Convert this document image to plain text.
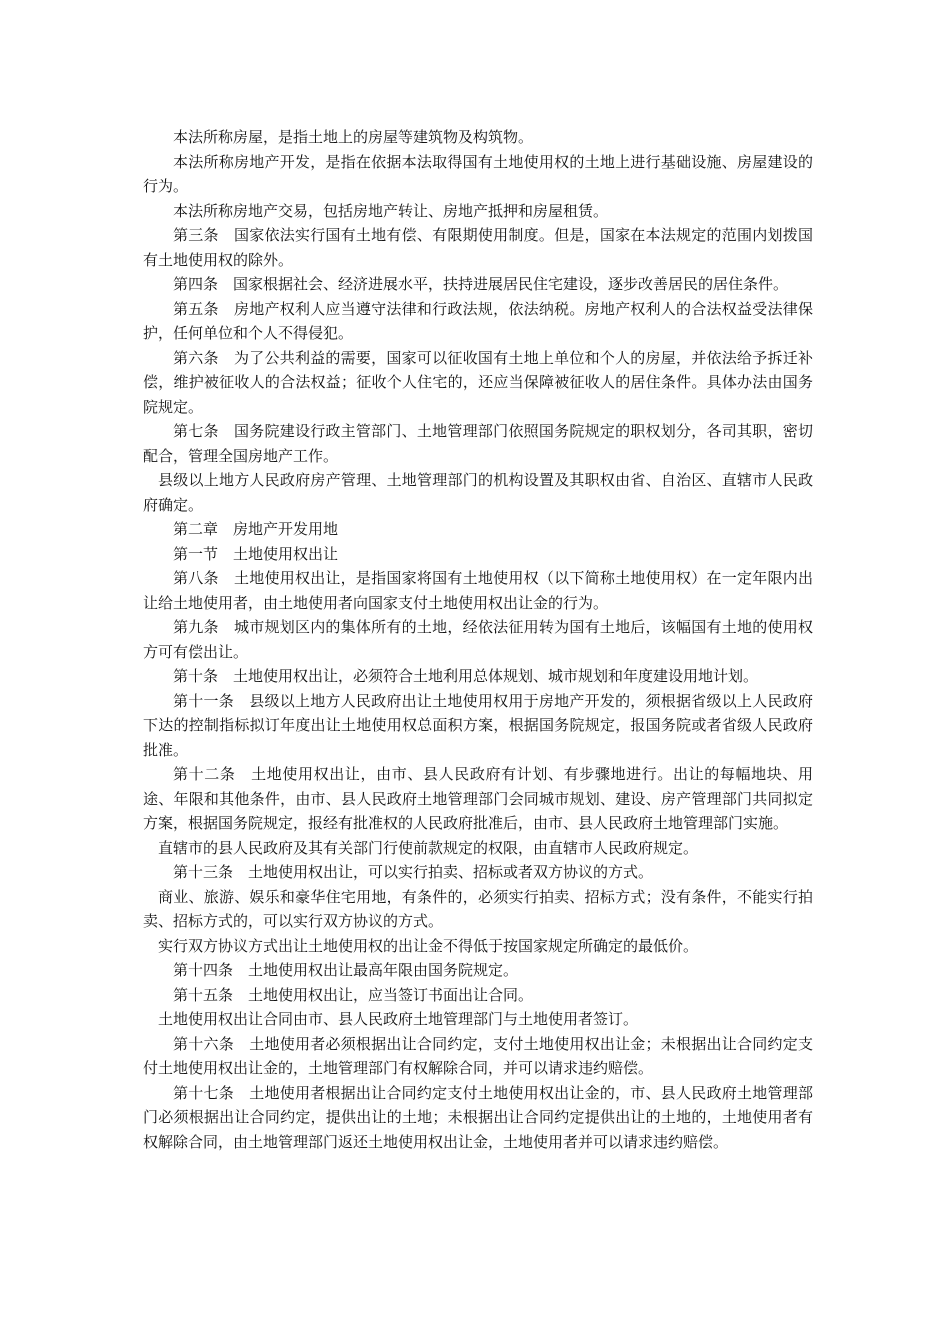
本法所称房屋，是指土地上的房屋等建筑物及构筑物。

本法所称房地产开发，是指在依据本法取得国有土地使用权的土地上进行基础设施、房屋建设的行为。

本法所称房地产交易，包括房地产转让、房地产抵押和房屋租赁。

第三条　国家依法实行国有土地有偿、有限期使用制度。但是，国家在本法规定的范围内划拨国有土地使用权的除外。

第四条　国家根据社会、经济进展水平，扶持进展居民住宅建设，逐步改善居民的居住条件。

第五条　房地产权利人应当遵守法律和行政法规，依法纳税。房地产权利人的合法权益受法律保护，任何单位和个人不得侵犯。

第六条　为了公共利益的需要，国家可以征收国有土地上单位和个人的房屋，并依法给予拆迁补偿，维护被征收人的合法权益；征收个人住宅的，还应当保障被征收人的居住条件。具体办法由国务院规定。

第七条　国务院建设行政主管部门、土地管理部门依照国务院规定的职权划分，各司其职，密切配合，管理全国房地产工作。

县级以上地方人民政府房产管理、土地管理部门的机构设置及其职权由省、自治区、直辖市人民政府确定。

第二章　房地产开发用地

第一节　土地使用权出让

第八条　土地使用权出让，是指国家将国有土地使用权（以下简称土地使用权）在一定年限内出让给土地使用者，由土地使用者向国家支付土地使用权出让金的行为。

第九条　城市规划区内的集体所有的土地，经依法征用转为国有土地后，该幅国有土地的使用权方可有偿出让。

第十条　土地使用权出让，必须符合土地利用总体规划、城市规划和年度建设用地计划。

第十一条　县级以上地方人民政府出让土地使用权用于房地产开发的，须根据省级以上人民政府下达的控制指标拟订年度出让土地使用权总面积方案，根据国务院规定，报国务院或者省级人民政府批准。

第十二条　土地使用权出让，由市、县人民政府有计划、有步骤地进行。出让的每幅地块、用途、年限和其他条件，由市、县人民政府土地管理部门会同城市规划、建设、房产管理部门共同拟定方案，根据国务院规定，报经有批准权的人民政府批准后，由市、县人民政府土地管理部门实施。

直辖市的县人民政府及其有关部门行使前款规定的权限，由直辖市人民政府规定。

第十三条　土地使用权出让，可以实行拍卖、招标或者双方协议的方式。

商业、旅游、娱乐和豪华住宅用地，有条件的，必须实行拍卖、招标方式；没有条件，不能实行拍卖、招标方式的，可以实行双方协议的方式。

实行双方协议方式出让土地使用权的出让金不得低于按国家规定所确定的最低价。

第十四条　土地使用权出让最高年限由国务院规定。

第十五条　土地使用权出让，应当签订书面出让合同。

土地使用权出让合同由市、县人民政府土地管理部门与土地使用者签订。

第十六条　土地使用者必须根据出让合同约定，支付土地使用权出让金；未根据出让合同约定支付土地使用权出让金的，土地管理部门有权解除合同，并可以请求违约赔偿。

第十七条　土地使用者根据出让合同约定支付土地使用权出让金的，市、县人民政府土地管理部门必须根据出让合同约定，提供出让的土地；未根据出让合同约定提供出让的土地的，土地使用者有权解除合同，由土地管理部门返还土地使用权出让金，土地使用者并可以请求违约赔偿。
